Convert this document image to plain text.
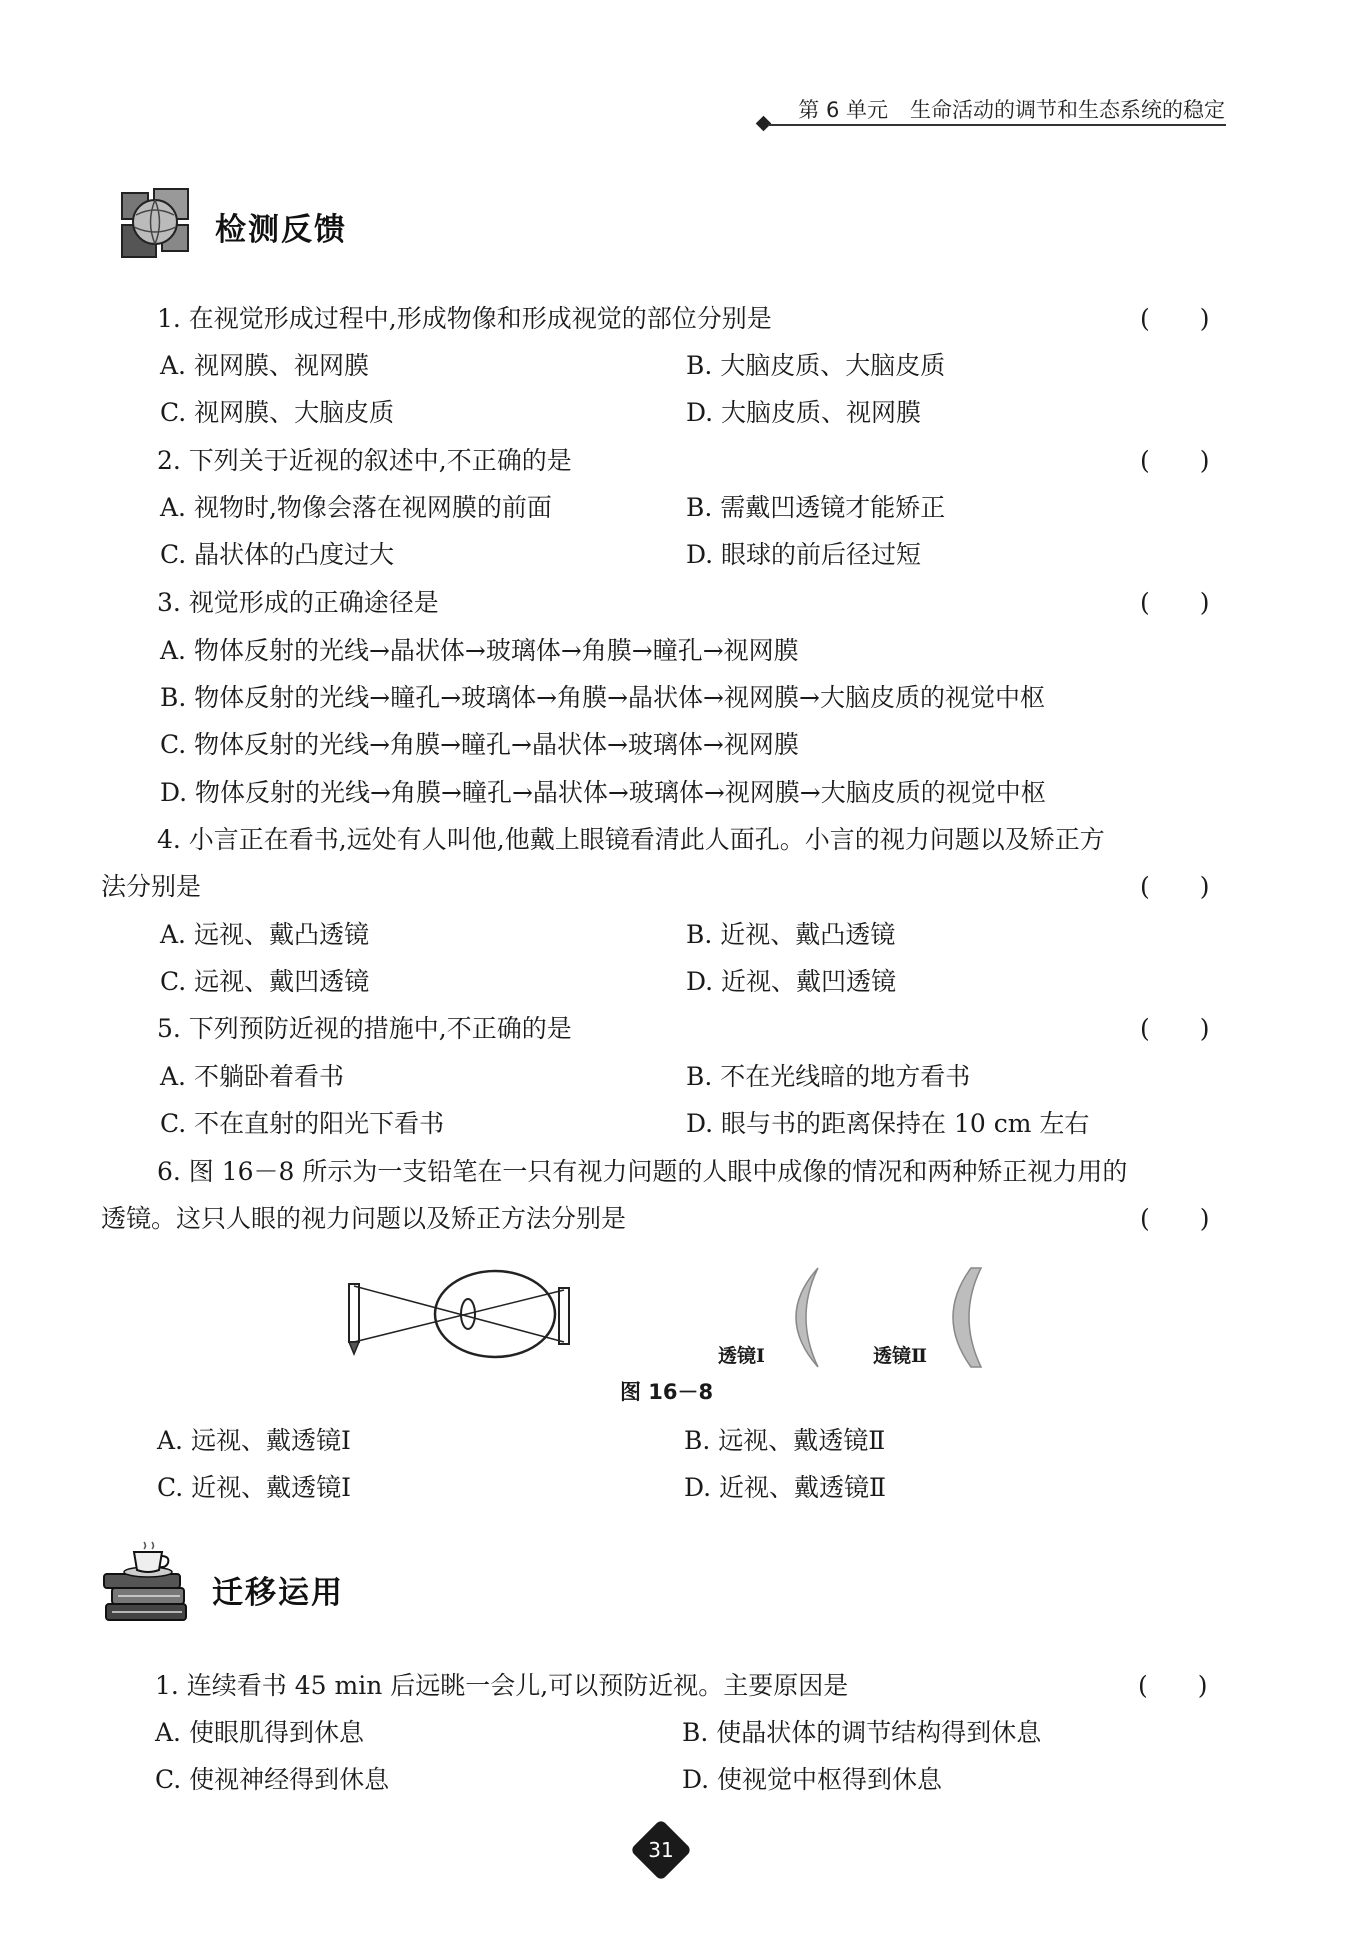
第 6 单元 生命活动的调节和生态系统的稳定
检测反馈
1. 在视觉形成过程中,形成物像和形成视觉的部位分别是	(　　)
A. 视网膜、视网膜	B. 大脑皮质、大脑皮质
C. 视网膜、大脑皮质	D. 大脑皮质、视网膜
2. 下列关于近视的叙述中,不正确的是	(　　)
A. 视物时,物像会落在视网膜的前面	B. 需戴凹透镜才能矫正
C. 晶状体的凸度过大	D. 眼球的前后径过短
3. 视觉形成的正确途径是	(　　)
A. 物体反射的光线→晶状体→玻璃体→角膜→瞳孔→视网膜
B. 物体反射的光线→瞳孔→玻璃体→角膜→晶状体→视网膜→大脑皮质的视觉中枢
C. 物体反射的光线→角膜→瞳孔→晶状体→玻璃体→视网膜
D. 物体反射的光线→角膜→瞳孔→晶状体→玻璃体→视网膜→大脑皮质的视觉中枢
4. 小言正在看书,远处有人叫他,他戴上眼镜看清此人面孔。小言的视力问题以及矫正方
法分别是	(　　)
A. 远视、戴凸透镜	B. 近视、戴凸透镜
C. 远视、戴凹透镜	D. 近视、戴凹透镜
5. 下列预防近视的措施中,不正确的是	(　　)
A. 不躺卧着看书	B. 不在光线暗的地方看书
C. 不在直射的阳光下看书	D. 眼与书的距离保持在 10 cm 左右
6. 图 16－8 所示为一支铅笔在一只有视力问题的人眼中成像的情况和两种矫正视力用的
透镜。这只人眼的视力问题以及矫正方法分别是	(　　)
透镜Ⅰ	透镜Ⅱ
图 16－8
A. 远视、戴透镜Ⅰ	B. 远视、戴透镜Ⅱ
C. 近视、戴透镜Ⅰ	D. 近视、戴透镜Ⅱ
迁移运用
1. 连续看书 45 min 后远眺一会儿,可以预防近视。主要原因是	(　　)
A. 使眼肌得到休息	B. 使晶状体的调节结构得到休息
C. 使视神经得到休息	D. 使视觉中枢得到休息
31
